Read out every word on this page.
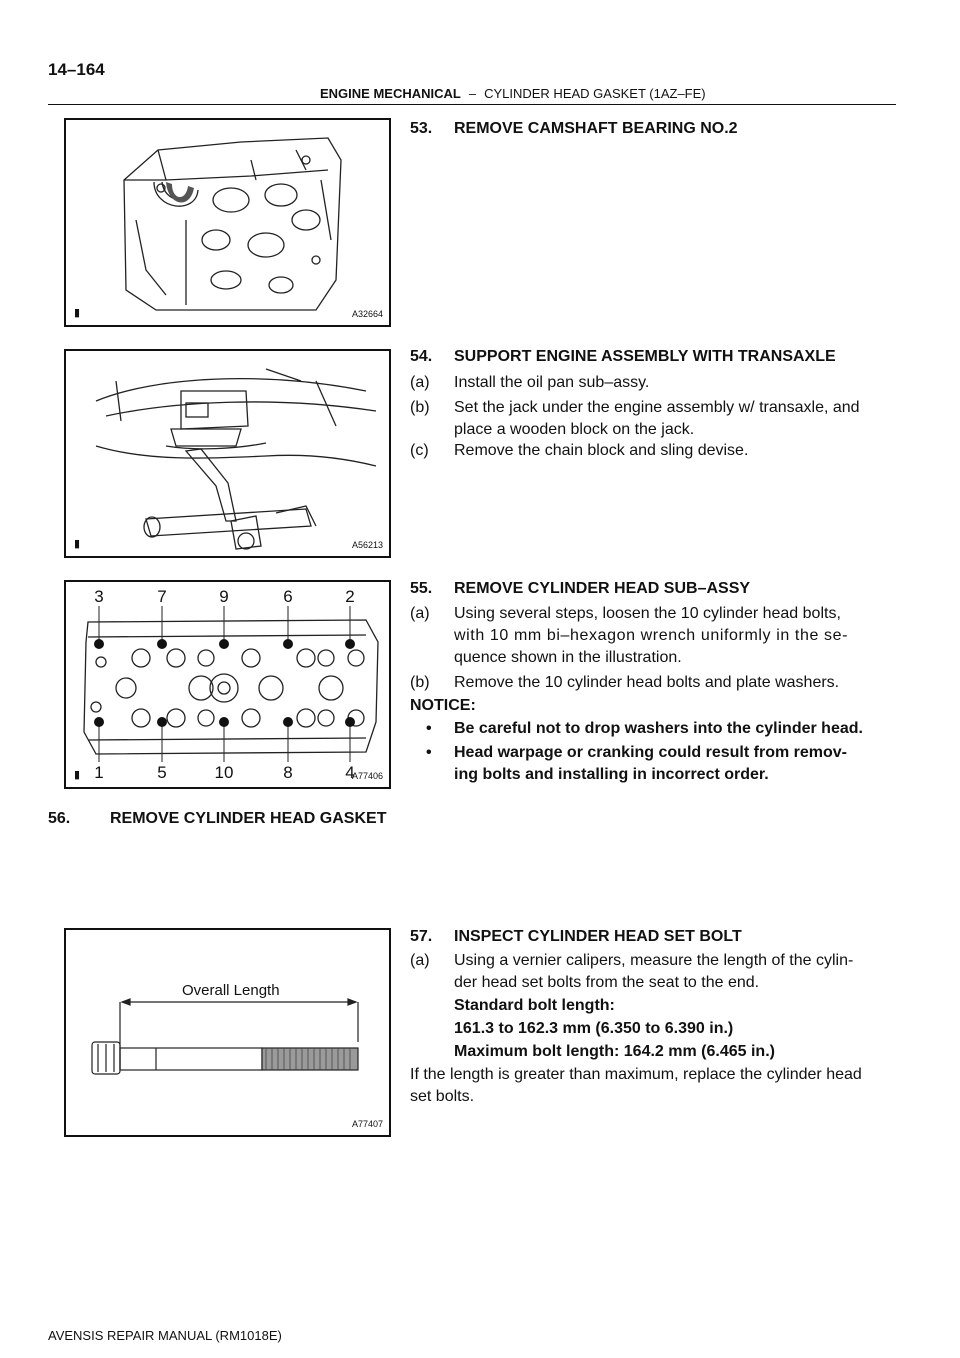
14–164
ENGINE MECHANICAL – CYLINDER HEAD GASKET (1AZ–FE)
▮	A32664
▮	A56213
3	7	9	6	2
1	5	10	8	4
▮	A77406
Overall Length
A77407
53. REMOVE CAMSHAFT BEARING NO.2
54. SUPPORT ENGINE ASSEMBLY WITH TRANSAXLE
(a) Install the oil pan sub–assy.
(b) Set the jack under the engine assembly w/ transaxle, and
place a wooden block on the jack.
(c) Remove the chain block and sling devise.
55. REMOVE CYLINDER HEAD SUB–ASSY
(a) Using several steps, loosen the 10 cylinder head bolts,
with 10 mm bi–hexagon wrench uniformly in the se-
quence shown in the illustration.
(b) Remove the 10 cylinder head bolts and plate washers.
NOTICE:
• Be careful not to drop washers into the cylinder head.
• Head warpage or cranking could result from remov-
ing bolts and installing in incorrect order.
56. REMOVE CYLINDER HEAD GASKET
57. INSPECT CYLINDER HEAD SET BOLT
(a) Using a vernier calipers, measure the length of the cylin-
der head set bolts from the seat to the end.
Standard bolt length:
161.3 to 162.3 mm (6.350 to 6.390 in.)
Maximum bolt length: 164.2 mm (6.465 in.)
If the length is greater than maximum, replace the cylinder head
set bolts.
AVENSIS REPAIR MANUAL (RM1018E)
